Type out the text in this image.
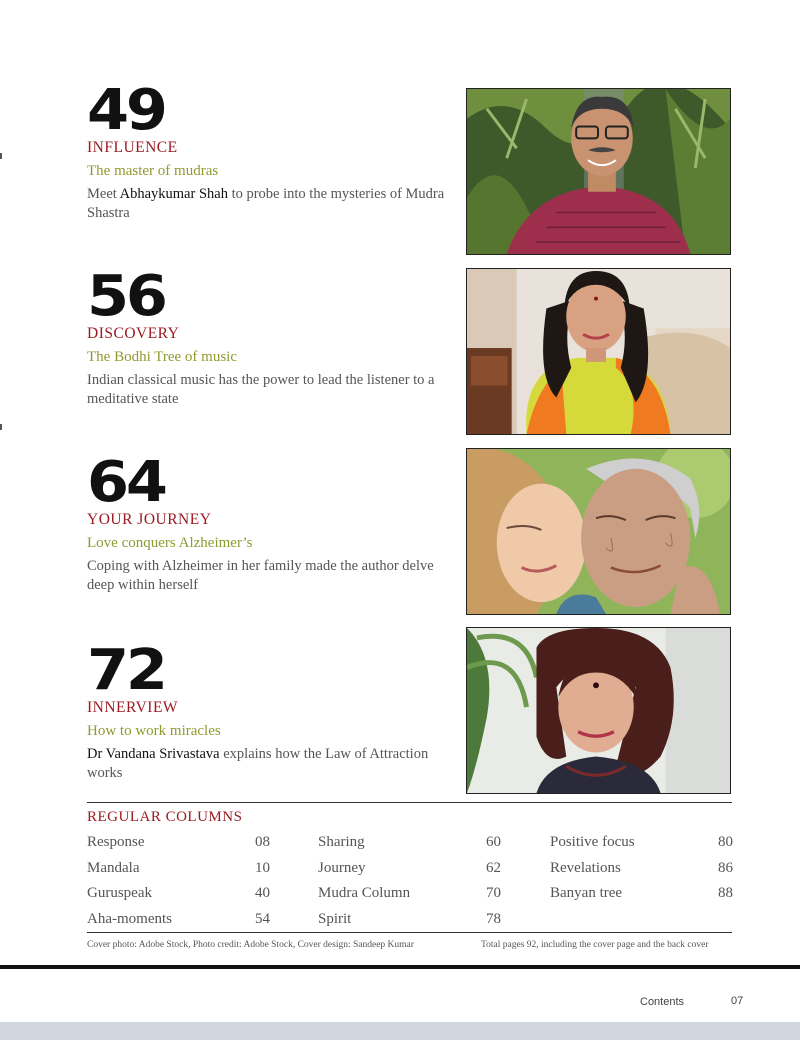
49
INFLUENCE
The master of mudras
Meet Abhaykumar Shah to probe into the mysteries of Mudra Shastra
56
DISCOVERY
The Bodhi Tree of music
Indian classical music has the power to lead the listener to a meditative state
64
YOUR JOURNEY
Love conquers Alzheimer’s
Coping with Alzheimer in her family made the author delve deep within herself
72
INNERVIEW
How to work miracles
Dr Vandana Srivastava explains how the Law of Attraction works
REGULAR COLUMNS
Response	08
Mandala	10
Guruspeak	40
Aha-moments	54
Sharing	60
Journey	62
Mudra Column	70
Spirit	78
Positive focus	80
Revelations	86
Banyan tree	88
Cover photo: Adobe Stock, Photo credit: Adobe Stock, Cover design: Sandeep Kumar	Total pages 92, including the cover page and the back cover
Contents	07
